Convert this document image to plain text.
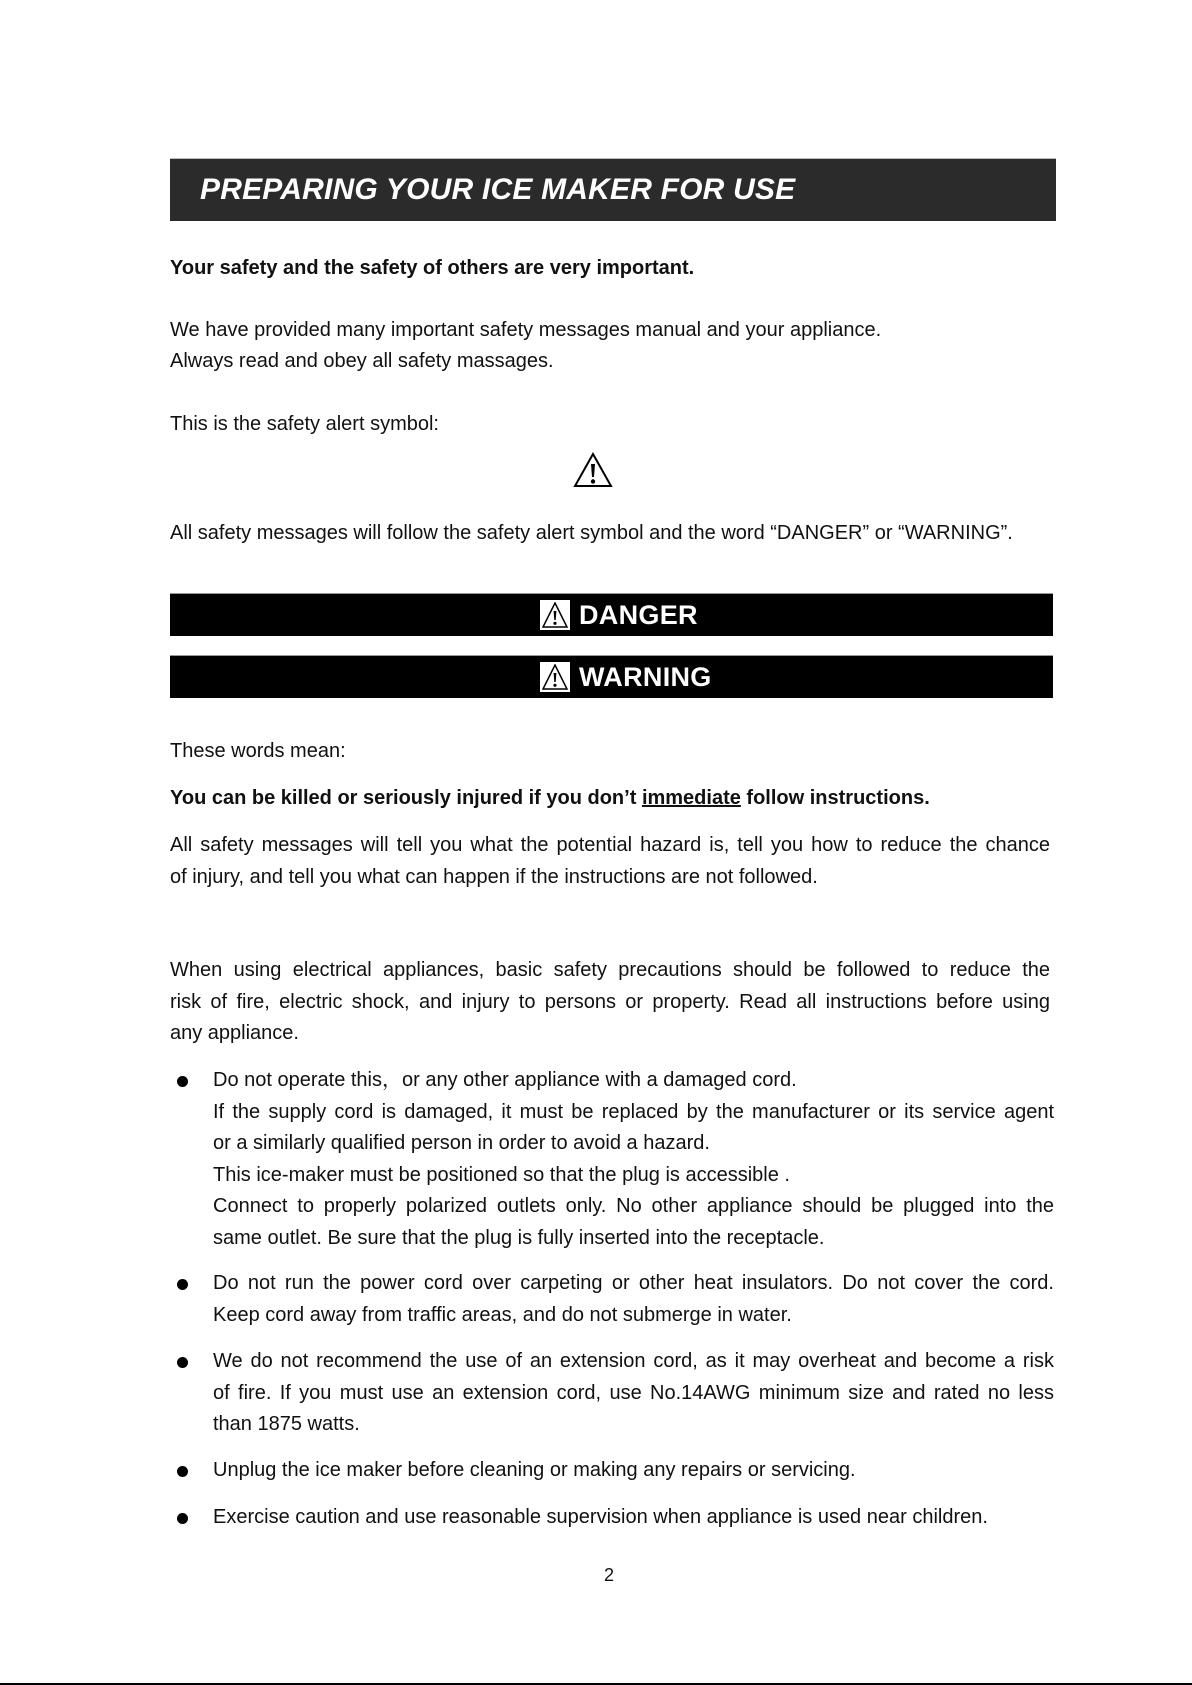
PREPARING YOUR ICE MAKER FOR USE
Your safety and the safety of others are very important.
We have provided many important safety messages manual and your appliance.
Always read and obey all safety massages.
This is the safety alert symbol:
All safety messages will follow the safety alert symbol and the word “DANGER” or “WARNING”.
DANGER
WARNING
These words mean:
You can be killed or seriously injured if you don’t immediate follow instructions.
All safety messages will tell you what the potential hazard is, tell you how to reduce the chance
of injury, and tell you what can happen if the instructions are not followed.
When using electrical appliances, basic safety precautions should be followed to reduce the
risk of fire, electric shock, and injury to persons or property. Read all instructions before using
any appliance.
Do not operate this，or any other appliance with a damaged cord.
If the supply cord is damaged, it must be replaced by the manufacturer or its service agent
or a similarly qualified person in order to avoid a hazard.
This ice-maker must be positioned so that the plug is accessible .
Connect to properly polarized outlets only. No other appliance should be plugged into the
same outlet. Be sure that the plug is fully inserted into the receptacle.
Do not run the power cord over carpeting or other heat insulators. Do not cover the cord.
Keep cord away from traffic areas, and do not submerge in water.
We do not recommend the use of an extension cord, as it may overheat and become a risk
of fire. If you must use an extension cord, use No.14AWG minimum size and rated no less
than 1875 watts.
Unplug the ice maker before cleaning or making any repairs or servicing.
Exercise caution and use reasonable supervision when appliance is used near children.
2
